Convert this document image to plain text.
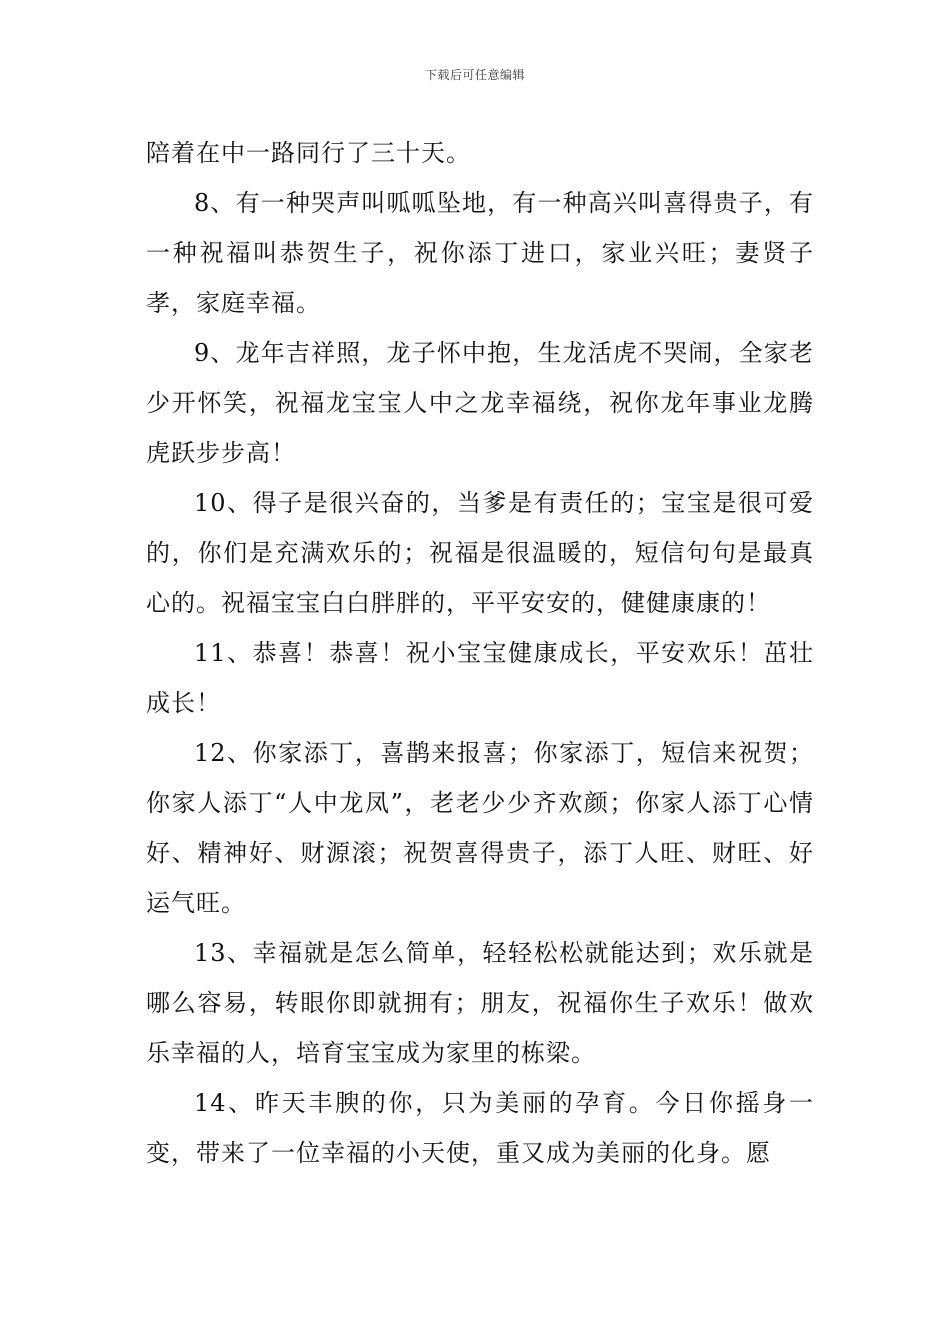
下载后可任意编辑

陪着在中一路同行了三十天。

8、有一种哭声叫呱呱坠地，有一种高兴叫喜得贵子，有一种祝福叫恭贺生子，祝你添丁进口，家业兴旺；妻贤子孝，家庭幸福。

9、龙年吉祥照，龙子怀中抱，生龙活虎不哭闹，全家老少开怀笑，祝福龙宝宝人中之龙幸福绕，祝你龙年事业龙腾虎跃步步高！

10、得子是很兴奋的，当爹是有责任的；宝宝是很可爱的，你们是充满欢乐的；祝福是很温暖的，短信句句是最真心的。祝福宝宝白白胖胖的，平平安安的，健健康康的！

11、恭喜！恭喜！祝小宝宝健康成长，平安欢乐！茁壮成长！

12、你家添丁，喜鹊来报喜；你家添丁，短信来祝贺；你家人添丁“人中龙凤”，老老少少齐欢颜；你家人添丁心情好、精神好、财源滚；祝贺喜得贵子，添丁人旺、财旺、好运气旺。

13、幸福就是怎么简单，轻轻松松就能达到；欢乐就是哪么容易，转眼你即就拥有；朋友，祝福你生子欢乐！做欢乐幸福的人，培育宝宝成为家里的栋梁。

14、昨天丰腴的你，只为美丽的孕育。今日你摇身一变，带来了一位幸福的小天使，重又成为美丽的化身。愿
